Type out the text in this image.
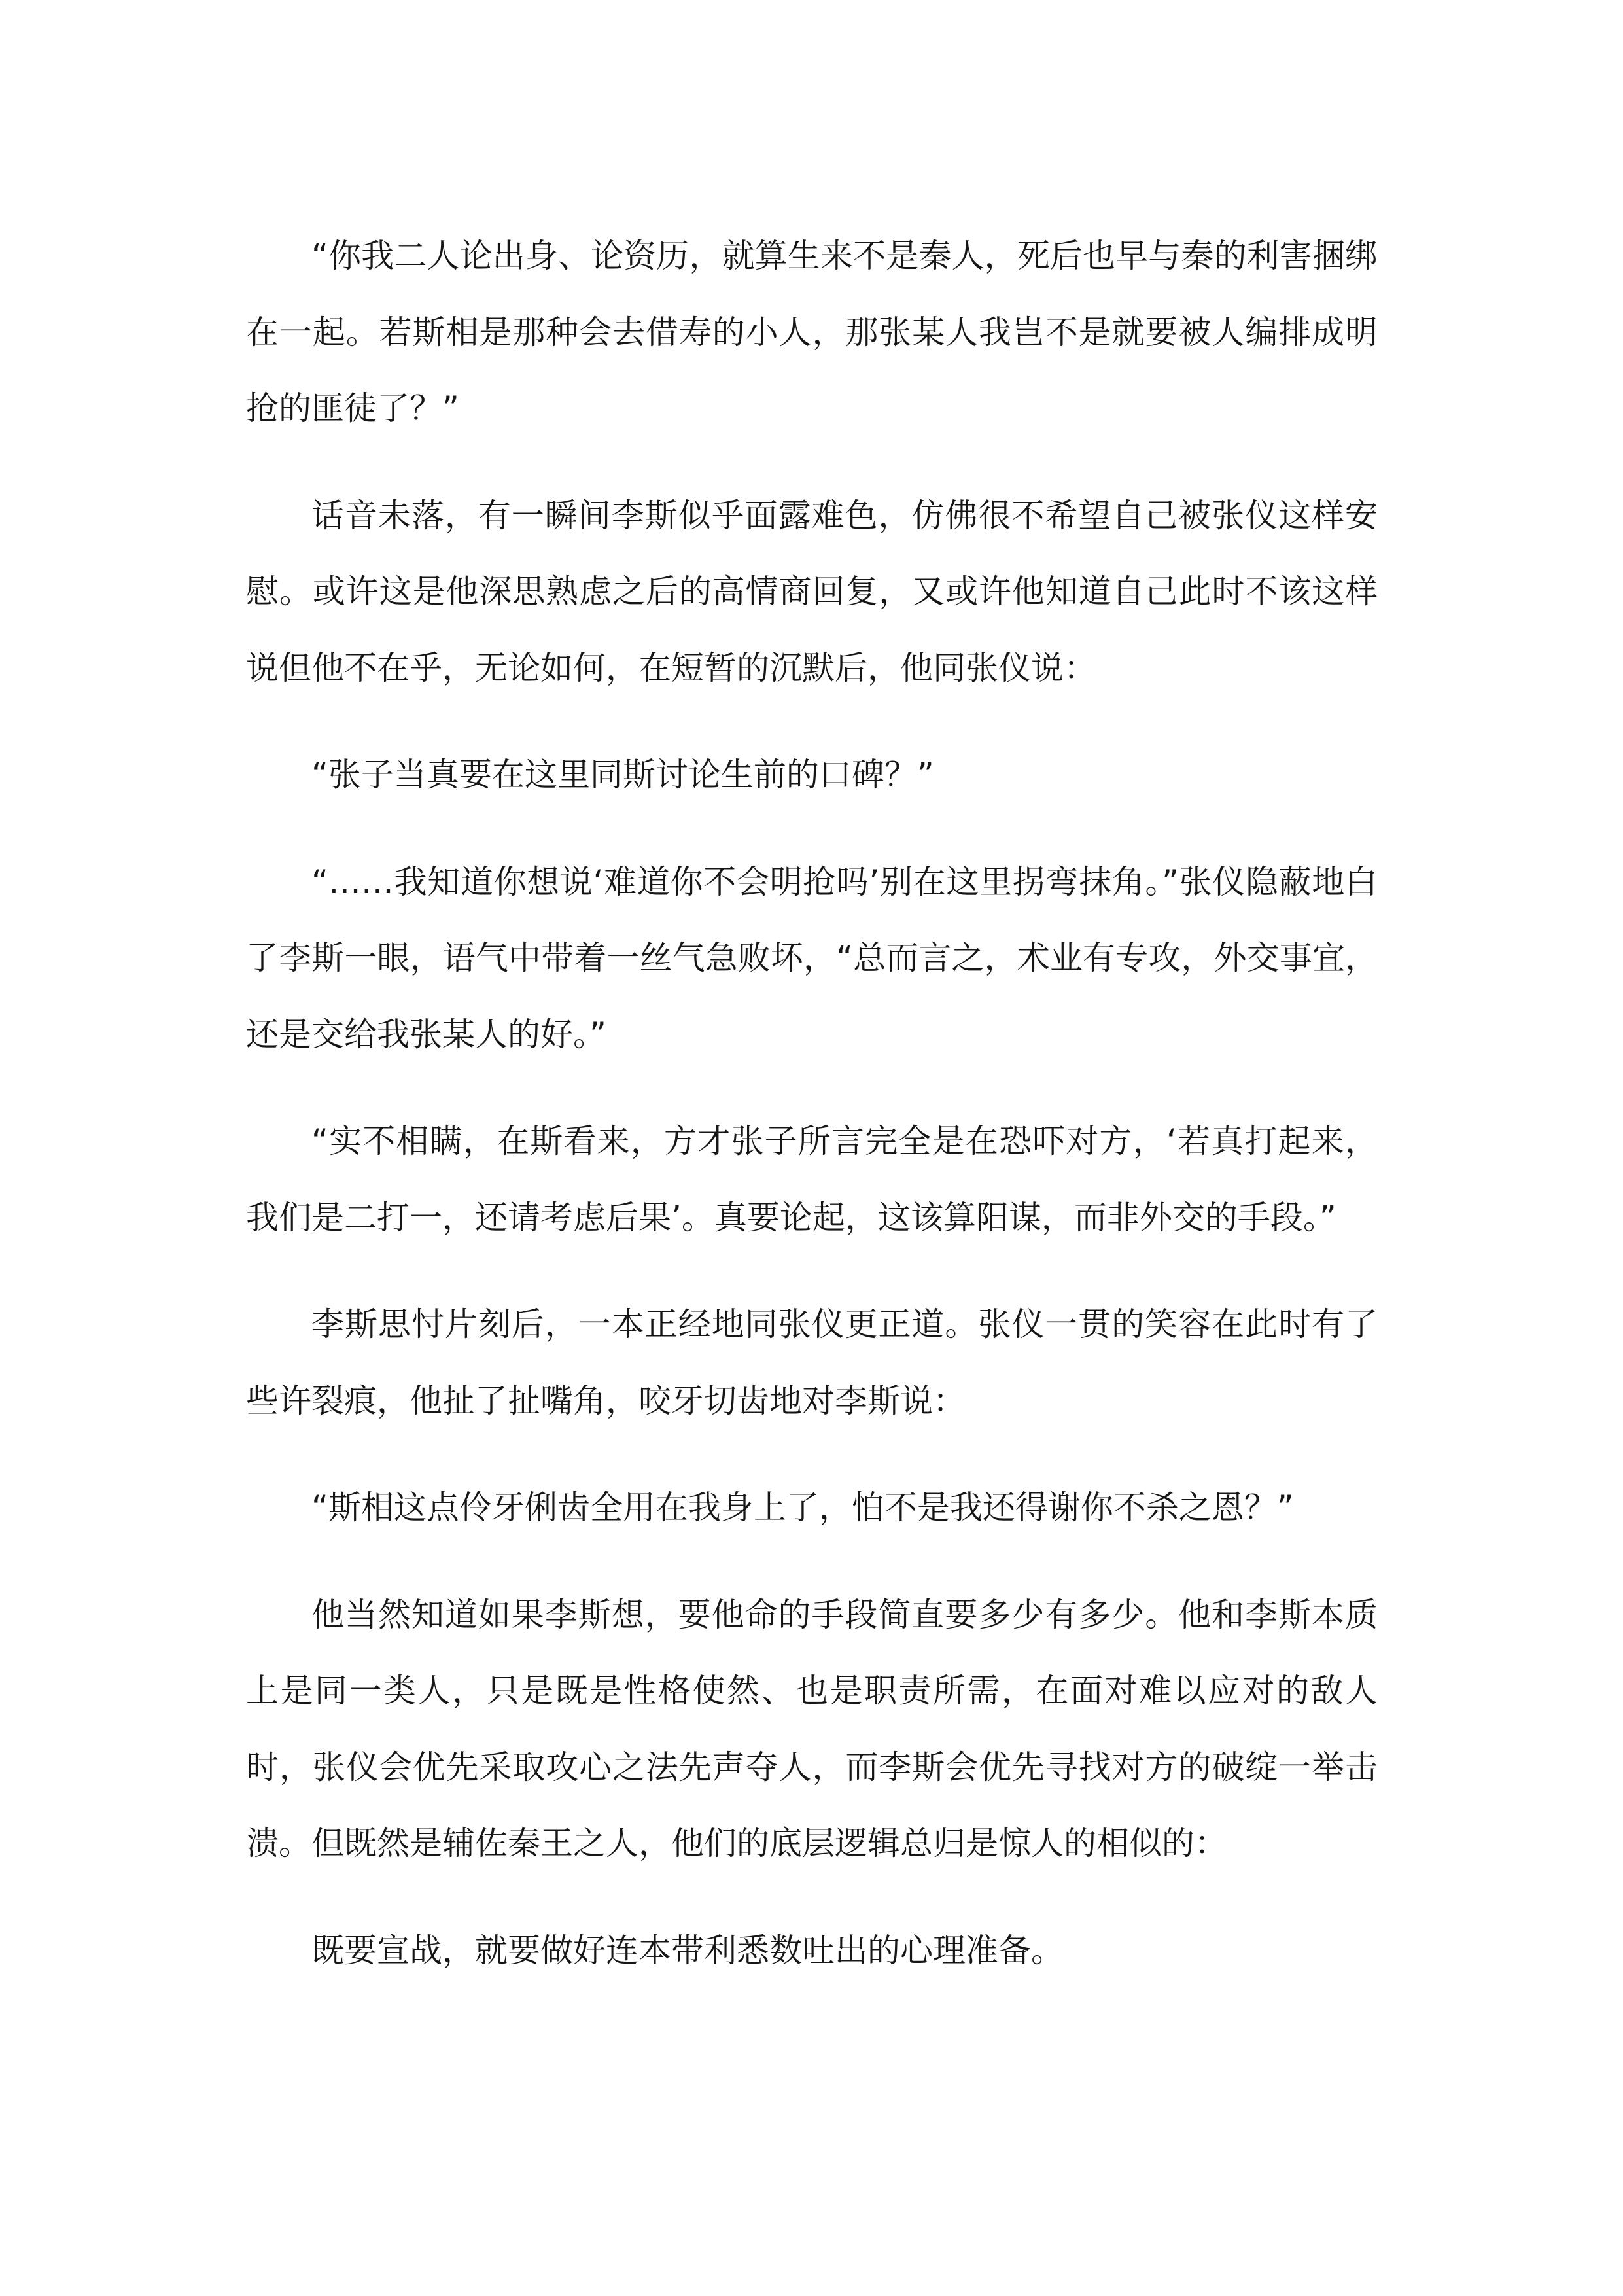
“你我二人论出身、论资历，就算生来不是秦人，死后也早与秦的利害捆绑在一起。若斯相是那种会去借寿的小人，那张某人我岂不是就要被人编排成明抢的匪徒了？”

话音未落，有一瞬间李斯似乎面露难色，仿佛很不希望自己被张仪这样安慰。或许这是他深思熟虑之后的高情商回复，又或许他知道自己此时不该这样说但他不在乎，无论如何，在短暂的沉默后，他同张仪说：

“张子当真要在这里同斯讨论生前的口碑？”

“……我知道你想说‘难道你不会明抢吗’别在这里拐弯抹角。”张仪隐蔽地白了李斯一眼，语气中带着一丝气急败坏，“总而言之，术业有专攻，外交事宜，还是交给我张某人的好。”

“实不相瞒，在斯看来，方才张子所言完全是在恐吓对方，‘若真打起来，我们是二打一，还请考虑后果’。真要论起，这该算阳谋，而非外交的手段。”

李斯思忖片刻后，一本正经地同张仪更正道。张仪一贯的笑容在此时有了些许裂痕，他扯了扯嘴角，咬牙切齿地对李斯说：

“斯相这点伶牙俐齿全用在我身上了，怕不是我还得谢你不杀之恩？”

他当然知道如果李斯想，要他命的手段简直要多少有多少。他和李斯本质上是同一类人，只是既是性格使然、也是职责所需，在面对难以应对的敌人时，张仪会优先采取攻心之法先声夺人，而李斯会优先寻找对方的破绽一举击溃。但既然是辅佐秦王之人，他们的底层逻辑总归是惊人的相似的：

既要宣战，就要做好连本带利悉数吐出的心理准备。
